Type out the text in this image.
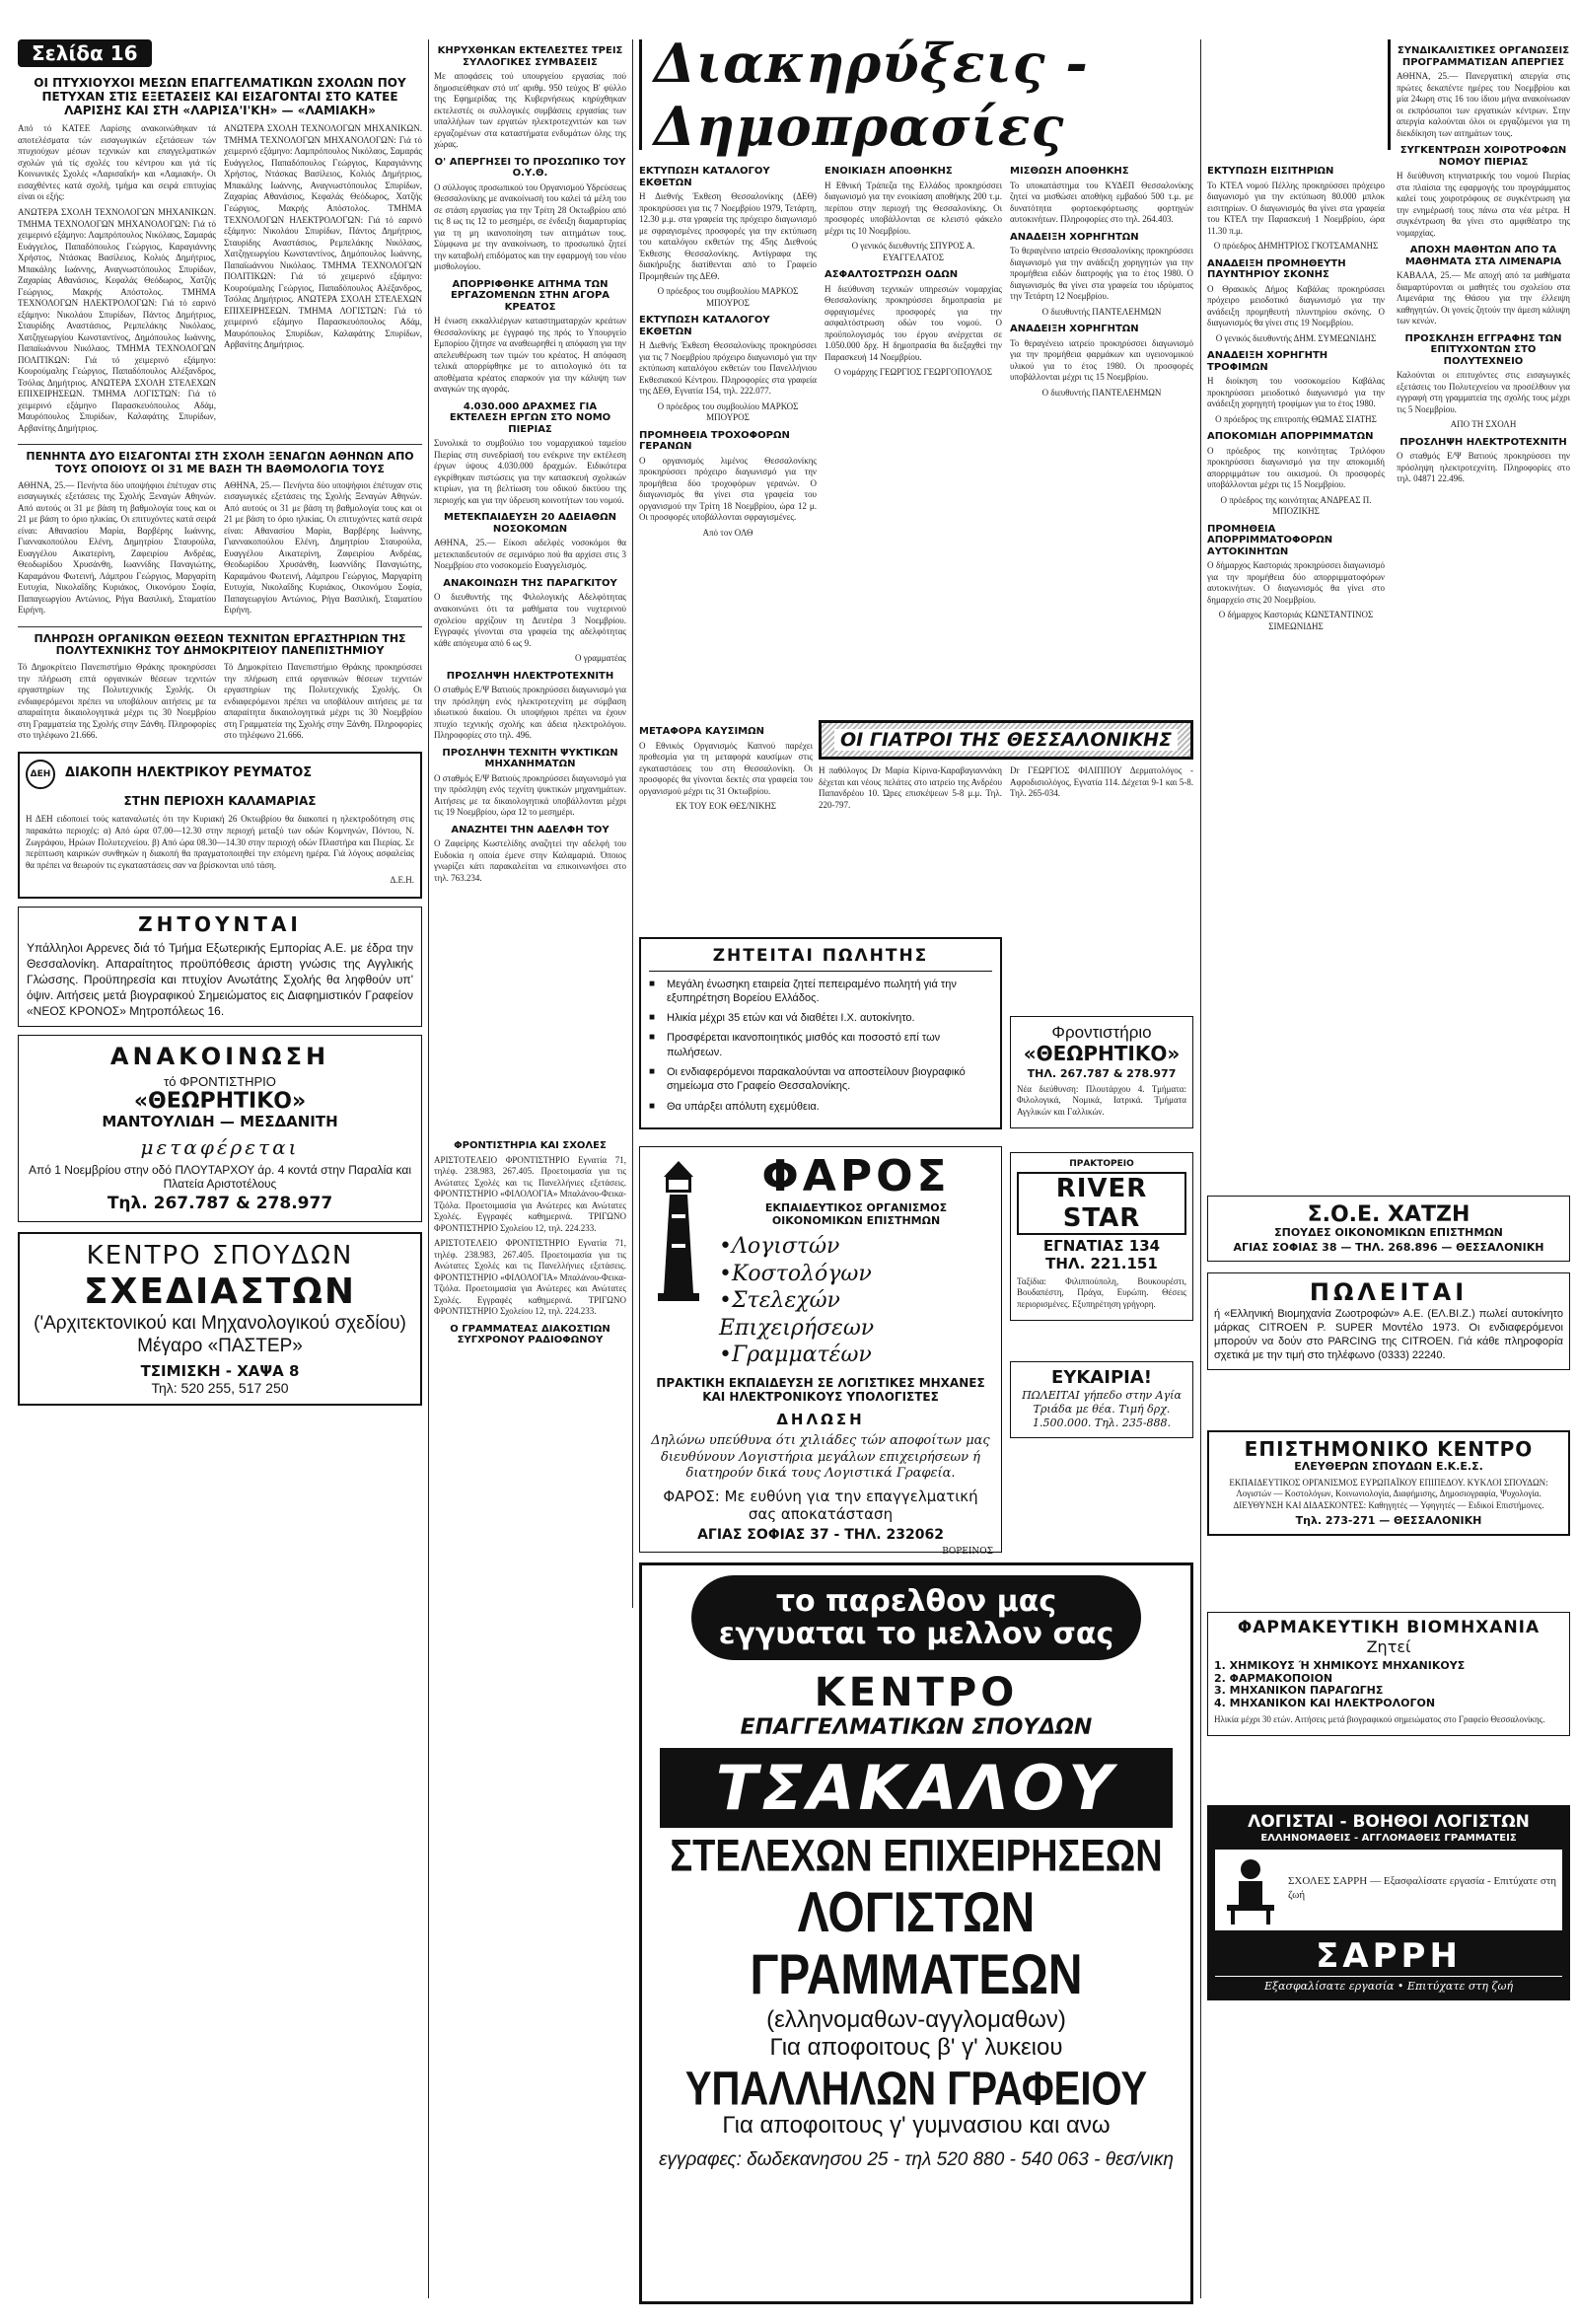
Σελίδα 16
ΟΙ ΠΤΥΧΙΟΥΧΟΙ ΜΕΣΩΝ ΕΠΑΓΓΕΛΜΑΤΙΚΩΝ ΣΧΟΛΩΝ ΠΟΥ ΠΕΤΥΧΑΝ ΣΤΙΣ ΕΞΕΤΑΣΕΙΣ ΚΑΙ ΕΙΣΑΓΟΝΤΑΙ ΣΤΟ ΚΑΤΕΕ ΛΑΡΙΣΗΣ ΚΑΙ ΣΤΗ «ΛΑΡΙΣΑ'Ι'ΚΗ» — «ΛΑΜΙΑΚΗ»
Από τό ΚΑΤΕΕ Λαρίσης ανακοινώθηκαν τά αποτελέσματα τών εισαγωγικών εξετάσεων τών πτυχιούχων μέσων τεχνικών και επαγγελματικών σχολών γιά τίς σχολές του κέντρου και γιά τίς Κοινωνικές Σχολές «Λαρισαΐκή» και «Λαμιακή». Οι εισαχθέντες κατά σχολή, τμήμα και σειρά επιτυχίας είναι οι εξής:
ΑΝΩΤΕΡΑ ΣΧΟΛΗ ΤΕΧΝΟΛΟΓΩΝ ΜΗΧΑΝΙΚΩΝ. ΤΜΗΜΑ ΤΕΧΝΟΛΟΓΩΝ ΜΗΧΑΝΟΛΟΓΩΝ: Γιά τό χειμερινό εξάμηνο: Λαμπρόπουλος Νικόλαος, Σαμαράς Ευάγγελος, Παπαδόπουλος Γεώργιος, Καραγιάννης Χρήστος, Ντάσκας Βασίλειος, Κολιός Δημήτριος, Μπακάλης Ιωάννης, Αναγνωστόπουλος Σπυρίδων, Ζαχαρίας Αθανάσιος, Κεφαλάς Θεόδωρος, Χατζής Γεώργιος, Μακρής Απόστολος. ΤΜΗΜΑ ΤΕΧΝΟΛΟΓΩΝ ΗΛΕΚΤΡΟΛΟΓΩΝ: Γιά τό εαρινό εξάμηνο: Νικολάου Σπυρίδων, Πάντος Δημήτριος, Σταυρίδης Αναστάσιος, Ρεμπελάκης Νικόλαος, Χατζηγεωργίου Κωνσταντίνος, Δημόπουλος Ιωάννης, Παπαϊωάννου Νικόλαος. ΤΜΗΜΑ ΤΕΧΝΟΛΟΓΩΝ ΠΟΛΙΤΙΚΩΝ: Γιά τό χειμερινό εξάμηνο: Κουρούμαλης Γεώργιος, Παπαδόπουλος Αλέξανδρος, Τσόλας Δημήτριος. ΑΝΩΤΕΡΑ ΣΧΟΛΗ ΣΤΕΛΕΧΩΝ ΕΠΙΧΕΙΡΗΣΕΩΝ. ΤΜΗΜΑ ΛΟΓΙΣΤΩΝ: Γιά τό χειμερινό εξάμηνο Παρασκευόπουλος Αδάμ, Μαυρόπουλος Σπυρίδων, Καλαφάτης Σπυρίδων, Αρβανίτης Δημήτριος.
ΑΝΩΤΕΡΑ ΣΧΟΛΗ ΤΕΧΝΟΛΟΓΩΝ ΜΗΧΑΝΙΚΩΝ. ΤΜΗΜΑ ΤΕΧΝΟΛΟΓΩΝ ΜΗΧΑΝΟΛΟΓΩΝ: Γιά τό χειμερινό εξάμηνο: Λαμπρόπουλος Νικόλαος, Σαμαράς Ευάγγελος, Παπαδόπουλος Γεώργιος, Καραγιάννης Χρήστος, Ντάσκας Βασίλειος, Κολιός Δημήτριος, Μπακάλης Ιωάννης, Αναγνωστόπουλος Σπυρίδων, Ζαχαρίας Αθανάσιος, Κεφαλάς Θεόδωρος, Χατζής Γεώργιος, Μακρής Απόστολος. ΤΜΗΜΑ ΤΕΧΝΟΛΟΓΩΝ ΗΛΕΚΤΡΟΛΟΓΩΝ: Γιά τό εαρινό εξάμηνο: Νικολάου Σπυρίδων, Πάντος Δημήτριος, Σταυρίδης Αναστάσιος, Ρεμπελάκης Νικόλαος, Χατζηγεωργίου Κωνσταντίνος, Δημόπουλος Ιωάννης, Παπαϊωάννου Νικόλαος. ΤΜΗΜΑ ΤΕΧΝΟΛΟΓΩΝ ΠΟΛΙΤΙΚΩΝ: Γιά τό χειμερινό εξάμηνο: Κουρούμαλης Γεώργιος, Παπαδόπουλος Αλέξανδρος, Τσόλας Δημήτριος. ΑΝΩΤΕΡΑ ΣΧΟΛΗ ΣΤΕΛΕΧΩΝ ΕΠΙΧΕΙΡΗΣΕΩΝ. ΤΜΗΜΑ ΛΟΓΙΣΤΩΝ: Γιά τό χειμερινό εξάμηνο Παρασκευόπουλος Αδάμ, Μαυρόπουλος Σπυρίδων, Καλαφάτης Σπυρίδων, Αρβανίτης Δημήτριος.
ΠΕΝΗΝΤΑ ΔΥΟ ΕΙΣΑΓΟΝΤΑΙ ΣΤΗ ΣΧΟΛΗ ΞΕΝΑΓΩΝ ΑΘΗΝΩΝ ΑΠΟ ΤΟΥΣ ΟΠΟΙΟΥΣ ΟΙ 31 ΜΕ ΒΑΣΗ ΤΗ ΒΑΘΜΟΛΟΓΙΑ ΤΟΥΣ
ΑΘΗΝΑ, 25.— Πενήντα δύο υποψήφιοι έπέτυχαν στις εισαγωγικές εξετάσεις της Σχολής Ξεναγών Αθηνών. Από αυτούς οι 31 με βάση τη βαθμολογία τους και οι 21 με βάση το όριο ηλικίας. Οι επιτυχόντες κατά σειρά είναι: Αθανασίου Μαρία, Βαρβέρης Ιωάννης, Γιαννακοπούλου Ελένη, Δημητρίου Σταυρούλα, Ευαγγέλου Αικατερίνη, Ζαφειρίου Ανδρέας, Θεοδωρίδου Χρυσάνθη, Ιωαννίδης Παναγιώτης, Καραμάνου Φωτεινή, Λάμπρου Γεώργιος, Μαργαρίτη Ευτυχία, Νικολαΐδης Κυριάκος, Οικονόμου Σοφία, Παπαγεωργίου Αντώνιος, Ρήγα Βασιλική, Σταματίου Ειρήνη.
ΑΘΗΝΑ, 25.— Πενήντα δύο υποψήφιοι έπέτυχαν στις εισαγωγικές εξετάσεις της Σχολής Ξεναγών Αθηνών. Από αυτούς οι 31 με βάση τη βαθμολογία τους και οι 21 με βάση το όριο ηλικίας. Οι επιτυχόντες κατά σειρά είναι: Αθανασίου Μαρία, Βαρβέρης Ιωάννης, Γιαννακοπούλου Ελένη, Δημητρίου Σταυρούλα, Ευαγγέλου Αικατερίνη, Ζαφειρίου Ανδρέας, Θεοδωρίδου Χρυσάνθη, Ιωαννίδης Παναγιώτης, Καραμάνου Φωτεινή, Λάμπρου Γεώργιος, Μαργαρίτη Ευτυχία, Νικολαΐδης Κυριάκος, Οικονόμου Σοφία, Παπαγεωργίου Αντώνιος, Ρήγα Βασιλική, Σταματίου Ειρήνη.
ΠΛΗΡΩΣΗ ΟΡΓΑΝΙΚΩΝ ΘΕΣΕΩΝ ΤΕΧΝΙΤΩΝ ΕΡΓΑΣΤΗΡΙΩΝ ΤΗΣ ΠΟΛΥΤΕΧΝΙΚΗΣ ΤΟΥ ΔΗΜΟΚΡΙΤΕΙΟΥ ΠΑΝΕΠΙΣΤΗΜΙΟΥ
Τό Δημοκρίτειο Πανεπιστήμιο Θράκης προκηρύσσει την πλήρωση επτά οργανικών θέσεων τεχνιτών εργαστηρίων της Πολυτεχνικής Σχολής. Οι ενδιαφερόμενοι πρέπει να υποβάλουν αιτήσεις με τα απαραίτητα δικαιολογητικά μέχρι τις 30 Νοεμβρίου στη Γραμματεία της Σχολής στην Ξάνθη. Πληροφορίες στο τηλέφωνο 21.666.
Τό Δημοκρίτειο Πανεπιστήμιο Θράκης προκηρύσσει την πλήρωση επτά οργανικών θέσεων τεχνιτών εργαστηρίων της Πολυτεχνικής Σχολής. Οι ενδιαφερόμενοι πρέπει να υποβάλουν αιτήσεις με τα απαραίτητα δικαιολογητικά μέχρι τις 30 Νοεμβρίου στη Γραμματεία της Σχολής στην Ξάνθη. Πληροφορίες στο τηλέφωνο 21.666.
ΔΕΗ	ΔΙΑΚΟΠΗ ΗΛΕΚΤΡΙΚΟΥ ΡΕΥΜΑΤΟΣ
ΣΤΗΝ ΠΕΡΙΟΧΗ ΚΑΛΑΜΑΡΙΑΣ
Η ΔΕΗ ειδοποιεί τούς καταναλωτές ότι την Κυριακή 26 Οκτωβρίου θα διακοπεί η ηλεκτροδότηση στις παρακάτω περιοχές: α) Από ώρα 07.00—12.30 στην περιοχή μεταξύ των οδών Κομνηνών, Πόντου, Ν. Ζωγράφου, Ηρώων Πολυτεχνείου. β) Από ώρα 08.30—14.30 στην περιοχή οδών Πλαστήρα και Πιερίας. Σε περίπτωση καιρικών συνθηκών η διακοπή θα πραγματοποιηθεί την επόμενη ημέρα. Γιά λόγους ασφαλείας θα πρέπει να θεωρούν τις εγκαταστάσεις σαν να βρίσκονται υπό τάση.
Δ.Ε.Η.
ΖΗΤΟΥΝΤΑΙ
Υπάλληλοι Αρρενες διά τό Τμήμα Εξωτερικής Εμπορίας Α.Ε. με έδρα την Θεσσαλονίκη. Απαραίτητος προϋπόθεσις άριστη γνώσις της Αγγλικής Γλώσσης. Προϋπηρεσία και πτυχίον Ανωτάτης Σχολής θα ληφθούν υπ' όψιν. Αιτήσεις μετά βιογραφικού Σημειώματος εις Διαφημιστικόν Γραφείον «ΝΕΟΣ ΚΡΟΝΟΣ» Μητροπόλεως 16.
ΑΝΑΚΟΙΝΩΣΗ
τό ΦΡΟΝΤΙΣΤΗΡΙΟ
«ΘΕΩΡΗΤΙΚΟ»
ΜΑΝΤΟΥΛΙΔΗ — ΜΕΣΔΑΝΙΤΗ
μεταφέρεται
Από 1 Νοεμβρίου στην οδό ΠΛΟΥΤΑΡΧΟΥ άρ. 4 κοντά στην Παραλία και Πλατεία Αριστοτέλους
Τηλ. 267.787 & 278.977
ΚΕΝΤΡΟ ΣΠΟΥΔΩΝ
ΣΧΕΔΙΑΣΤΩΝ
('Αρχιτεκτονικού και Μηχανολογικού σχεδίου)
Μέγαρο «ΠΑΣΤΕΡ»
ΤΣΙΜΙΣΚΗ - ΧΑΨΑ 8
Τηλ: 520 255, 517 250
ΚΗΡΥΧΘΗΚΑΝ ΕΚΤΕΛΕΣΤΕΣ ΤΡΕΙΣ ΣΥΛΛΟΓΙΚΕΣ ΣΥΜΒΑΣΕΙΣ
Με αποφάσεις τού υπουργείου εργασίας πού δημοσιεύθηκαν στό υπ' αριθμ. 950 τεύχος Β' φύλλο της Εφημερίδας της Κυβερνήσεως κηρύχθηκαν εκτελεστές οι συλλογικές συμβάσεις εργασίας των υπαλλήλων των εργατών ηλεκτροτεχνιτών και των εργαζομένων στα καταστήματα ενδυμάτων όλης της χώρας.
Ο' ΑΠΕΡΓΗΣΕΙ ΤΟ ΠΡΟΣΩΠΙΚΟ ΤΟΥ Ο.Υ.Θ.
Ο σύλλογος προσωπικού του Οργανισμού Υδρεύσεως Θεσσαλονίκης με ανακοίνωσή του καλεί τά μέλη του σε στάση εργασίας για την Τρίτη 28 Οκτωβρίου από τις 8 ως τις 12 το μεσημέρι, σε ένδειξη διαμαρτυρίας για τη μη ικανοποίηση των αιτημάτων τους. Σύμφωνα με την ανακοίνωση, το προσωπικό ζητεί την καταβολή επιδόματος και την εφαρμογή του νέου μισθολογίου.
ΑΠΟΡΡΙΦΘΗΚΕ ΑΙΤΗΜΑ ΤΩΝ ΕΡΓΑΖΟΜΕΝΩΝ ΣΤΗΝ ΑΓΟΡΑ ΚΡΕΑΤΟΣ
Η ένωση εκκαλλιέργων καταστηματαρχών κρεάτων Θεσσαλονίκης με έγγραφό της πρός το Υπουργείο Εμπορίου ζήτησε να αναθεωρηθεί η απόφαση για την απελευθέρωση των τιμών του κρέατος. Η απόφαση τελικά απορρίφθηκε με το αιτιολογικό ότι τα αποθέματα κρέατος επαρκούν για την κάλυψη των αναγκών της αγοράς.
4.030.000 ΔΡΑΧΜΕΣ ΓΙΑ ΕΚΤΕΛΕΣΗ ΕΡΓΩΝ ΣΤΟ ΝΟΜΟ ΠΙΕΡΙΑΣ
Συνολικά το συμβούλιο του νομαρχιακού ταμείου Πιερίας στη συνεδρίασή του ενέκρινε την εκτέλεση έργων ύψους 4.030.000 δραχμών. Ειδικότερα εγκρίθηκαν πιστώσεις για την κατασκευή σχολικών κτιρίων, για τη βελτίωση του οδικού δικτύου της περιοχής και για την ύδρευση κοινοτήτων του νομού.
ΜΕΤΕΚΠΑΙΔΕΥΣΗ 20 ΑΔΕΙΑΘΩΝ ΝΟΣΟΚΟΜΩΝ
ΑΘΗΝΑ, 25.— Είκοσι αδελφές νοσοκόμοι θα μετεκπαιδευτούν σε σεμινάριο πού θα αρχίσει στις 3 Νοεμβρίου στο νοσοκομείο Ευαγγελισμός.
ΑΝΑΚΟΙΝΩΣΗ ΤΗΣ ΠΑΡΑΓΚΙΤΟΥ
Ο διευθυντής της Φιλολογικής Αδελφότητας ανακοινώνει ότι τα μαθήματα του νυχτερινού σχολείου αρχίζουν τη Δευτέρα 3 Νοεμβρίου. Εγγραφές γίνονται στα γραφεία της αδελφότητας κάθε απόγευμα από 6 ως 9.
Ο γραμματέας
ΠΡΟΣΛΗΨΗ ΗΛΕΚΤΡΟΤΕΧΝΙΤΗ
Ο σταθμός Ε/Ψ Βατιούς προκηρύσσει διαγωνισμό για την πρόσληψη ενός ηλεκτροτεχνίτη με σύμβαση ιδιωτικού δικαίου. Οι υποψήφιοι πρέπει να έχουν πτυχίο τεχνικής σχολής και άδεια ηλεκτρολόγου. Πληροφορίες στο τηλ. 496.
ΠΡΟΣΛΗΨΗ ΤΕΧΝΙΤΗ ΨΥΚΤΙΚΩΝ ΜΗΧΑΝΗΜΑΤΩΝ
Ο σταθμός Ε/Ψ Βατιούς προκηρύσσει διαγωνισμό για την πρόσληψη ενός τεχνίτη ψυκτικών μηχανημάτων. Αιτήσεις με τα δικαιολογητικά υποβάλλονται μέχρι τις 19 Νοεμβρίου, ώρα 12 το μεσημέρι.
ΑΝΑΖΗΤΕΙ ΤΗΝ ΑΔΕΛΦΗ ΤΟΥ
Ο Ζαφείρης Κωστελίδης αναζητεί την αδελφή του Ευδοκία η οποία έμενε στην Καλαμαριά. Όποιος γνωρίζει κάτι παρακαλείται να επικοινωνήσει στο τηλ. 763.234.
ΦΡΟΝΤΙΣΤΗΡΙΑ ΚΑΙ ΣΧΟΛΕΣ
ΑΡΙΣΤΟΤΕΛΕΙΟ ΦΡΟΝΤΙΣΤΗΡΙΟ Εγνατία 71, τηλέφ. 238.983, 267.405. Προετοιμασία για τις Ανώτατες Σχολές και τις Πανελλήνιες εξετάσεις. ΦΡΟΝΤΙΣΤΗΡΙΟ «ΦΙΛΟΛΟΓΙΑ» Μπαλάνου-Φεικα-Τζιόλα. Προετοιμασία για Ανώτερες και Ανώτατες Σχολές. Εγγραφές καθημερινά. ΤΡΙΓΩΝΟ ΦΡΟΝΤΙΣΤΗΡΙΟ Σχολείου 12, τηλ. 224.233.
ΑΡΙΣΤΟΤΕΛΕΙΟ ΦΡΟΝΤΙΣΤΗΡΙΟ Εγνατία 71, τηλέφ. 238.983, 267.405. Προετοιμασία για τις Ανώτατες Σχολές και τις Πανελλήνιες εξετάσεις. ΦΡΟΝΤΙΣΤΗΡΙΟ «ΦΙΛΟΛΟΓΙΑ» Μπαλάνου-Φεικα-Τζιόλα. Προετοιμασία για Ανώτερες και Ανώτατες Σχολές. Εγγραφές καθημερινά. ΤΡΙΓΩΝΟ ΦΡΟΝΤΙΣΤΗΡΙΟ Σχολείου 12, τηλ. 224.233.
Ο ΓΡΑΜΜΑΤΕΑΣ ΔΙΑΚΟΣΤΙΩΝ ΣΥΓΧΡΟΝΟΥ ΡΑΔΙΟΦΩΝΟΥ
Διακηρύξεις - Δημοπρασίες
ΕΚΤΥΠΩΣΗ ΚΑΤΑΛΟΓΟΥ ΕΚΘΕΤΩΝ
Η Διεθνής Έκθεση Θεσσαλονίκης (ΔΕΘ) προκηρύσσει για τις 7 Νοεμβρίου 1979, Τετάρτη, 12.30 μ.μ. στα γραφεία της πρόχειρο διαγωνισμό με σφραγισμένες προσφορές για την εκτύπωση του καταλόγου εκθετών της 45ης Διεθνούς Έκθεσης Θεσσαλονίκης. Αντίγραφα της διακήρυξης διατίθενται από το Γραφείο Προμηθειών της ΔΕΘ.
Ο πρόεδρος του συμβουλίου ΜΑΡΚΟΣ ΜΠΟΥΡΟΣ
ΕΚΤΥΠΩΣΗ ΚΑΤΑΛΟΓΟΥ ΕΚΘΕΤΩΝ
Η Διεθνής Έκθεση Θεσσαλονίκης προκηρύσσει για τις 7 Νοεμβρίου πρόχειρο διαγωνισμό για την εκτύπωση καταλόγου εκθετών του Πανελλήνιου Εκθεσιακού Κέντρου. Πληροφορίες στα γραφεία της ΔΕΘ, Εγνατία 154, τηλ. 222.077.
Ο πρόεδρος του συμβουλίου ΜΑΡΚΟΣ ΜΠΟΥΡΟΣ
ΠΡΟΜΗΘΕΙΑ ΤΡΟΧΟΦΟΡΩΝ ΓΕΡΑΝΩΝ
Ο οργανισμός λιμένος Θεσσαλονίκης προκηρύσσει πρόχειρο διαγωνισμό για την προμήθεια δύο τροχοφόρων γερανών. Ο διαγωνισμός θα γίνει στα γραφεία του οργανισμού την Τρίτη 18 Νοεμβρίου, ώρα 12 μ. Οι προσφορές υποβάλλονται σφραγισμένες.
Από τον ΟΛΘ
ΕΝΟΙΚΙΑΣΗ ΑΠΟΘΗΚΗΣ
Η Εθνική Τράπεζα της Ελλάδος προκηρύσσει διαγωνισμό για την ενοικίαση αποθήκης 200 τ.μ. περίπου στην περιοχή της Θεσσαλονίκης. Οι προσφορές υποβάλλονται σε κλειστό φάκελο μέχρι τις 10 Νοεμβρίου.
Ο γενικός διευθυντής ΣΠΥΡΟΣ Α. ΕΥΑΓΓΕΛΑΤΟΣ
ΑΣΦΑΛΤΟΣΤΡΩΣΗ ΟΔΩΝ
Η διεύθυνση τεχνικών υπηρεσιών νομαρχίας Θεσσαλονίκης προκηρύσσει δημοπρασία με σφραγισμένες προσφορές για την ασφαλτόστρωση οδών του νομού. Ο προϋπολογισμός του έργου ανέρχεται σε 1.050.000 δρχ. Η δημοπρασία θα διεξαχθεί την Παρασκευή 14 Νοεμβρίου.
Ο νομάρχης ΓΕΩΡΓΙΟΣ ΓΕΩΡΓΟΠΟΥΛΟΣ
ΜΙΣΘΩΣΗ ΑΠΟΘΗΚΗΣ
Το υποκατάστημα του ΚΥΔΕΠ Θεσσαλονίκης ζητεί να μισθώσει αποθήκη εμβαδού 500 τ.μ. με δυνατότητα φορτοεκφόρτωσης φορτηγών αυτοκινήτων. Πληροφορίες στο τηλ. 264.403.
ΑΝΑΔΕΙΞΗ ΧΟΡΗΓΗΤΩΝ
Το θεραγένειο ιατρείο Θεσσαλονίκης προκηρύσσει διαγωνισμό για την ανάδειξη χορηγητών για την προμήθεια ειδών διατροφής για το έτος 1980. Ο διαγωνισμός θα γίνει στα γραφεία του ιδρύματος την Τετάρτη 12 Νοεμβρίου.
Ο διευθυντής ΠΑΝΤΕΛΕΗΜΩΝ
ΑΝΑΔΕΙΞΗ ΧΟΡΗΓΗΤΩΝ
Το θεραγένειο ιατρείο προκηρύσσει διαγωνισμό για την προμήθεια φαρμάκων και υγειονομικού υλικού για το έτος 1980. Οι προσφορές υποβάλλονται μέχρι τις 15 Νοεμβρίου.
Ο διευθυντής ΠΑΝΤΕΛΕΗΜΩΝ
ΟΙ ΓΙΑΤΡΟΙ ΤΗΣ ΘΕΣΣΑΛΟΝΙΚΗΣ
Η παθόλογος Dr Μαρία Κίρινα-Καραβαγιαννάκη δέχεται και νέους πελάτες στο ιατρείο της Ανδρέου Παπανδρέου 10. Ώρες επισκέψεων 5-8 μ.μ. Τηλ. 220-797.
Dr ΓΕΩΡΓΙΟΣ ΦΙΛΙΠΠΟΥ Δερματολόγος - Αφροδισιολόγος, Εγνατία 114. Δέχεται 9-1 και 5-8. Τηλ. 265-034.
ΜΕΤΑΦΟΡΑ ΚΑΥΣΙΜΩΝ
Ο Εθνικός Οργανισμός Καπνού παρέχει προθεσμία για τη μεταφορά καυσίμων στις εγκαταστάσεις του στη Θεσσαλονίκη. Οι προσφορές θα γίνονται δεκτές στα γραφεία του οργανισμού μέχρι τις 31 Οκτωβρίου.
ΕΚ ΤΟΥ ΕΟΚ ΘΕΣ/ΝΙΚΗΣ
ΖΗΤΕΙΤΑΙ ΠΩΛΗΤΗΣ
■ Μεγάλη ένωσηκη εταιρεία ζητεί πεπειραμένο πωλητή γιά την εξυπηρέτηση Βορείου Ελλάδος.
■ Ηλικία μέχρι 35 ετών και νά διαθέτει Ι.Χ. αυτοκίνητο.
■ Προσφέρεται ικανοποιητικός μισθός και ποσοστό επί των πωλήσεων.
■ Οι ενδιαφερόμενοι παρακαλούνται να αποστείλουν βιογραφικό σημείωμα στο Γραφείο Θεσσαλονίκης.
■ Θα υπάρξει απόλυτη εχεμύθεια.
ΦΑΡΟΣ
ΕΚΠΑΙΔΕΥΤΙΚΟΣ ΟΡΓΑΝΙΣΜΟΣ ΟΙΚΟΝΟΜΙΚΩΝ ΕΠΙΣΤΗΜΩΝ
•Λογιστών
•Κοστολόγων
•Στελεχών Επιχειρήσεων
•Γραμματέων
ΠΡΑΚΤΙΚΗ ΕΚΠΑΙΔΕΥΣΗ ΣΕ ΛΟΓΙΣΤΙΚΕΣ ΜΗΧΑΝΕΣ ΚΑΙ ΗΛΕΚΤΡΟΝΙΚΟΥΣ ΥΠΟΛΟΓΙΣΤΕΣ
ΔΗΛΩΣΗ
Δηλώνω υπεύθυνα ότι χιλιάδες τών αποφοίτων μας διευθύνουν Λογιστήρια μεγάλων επιχειρήσεων ή διατηρούν δικά τους Λογιστικά Γραφεία.
ΦΑΡΟΣ: Με ευθύνη για την επαγγελματική σας αποκατάσταση
ΑΓΙΑΣ ΣΟΦΙΑΣ 37 - ΤΗΛ. 232062
ΒΟΡΕΙΝΟΣ
Φροντιστήριο
«ΘΕΩΡΗΤΙΚΟ»
ΤΗΛ. 267.787 & 278.977
Νέα διεύθυνση: Πλουτάρχου 4. Τμήματα: Φιλολογικά, Νομικά, Ιατρικά. Τμήματα Αγγλικών και Γαλλικών.
ΠΡΑΚΤΟΡΕΙΟ
RIVER STAR
ΕΓΝΑΤΙΑΣ 134
ΤΗΛ. 221.151
Ταξίδια: Φιλιππούπολη, Βουκουρέστι, Βουδαπέστη, Πράγα, Ευρώπη. Θέσεις περιορισμένες. Εξυπηρέτηση γρήγορη.
ΕΥΚΑΙΡΙΑ!
ΠΩΛΕΙΤΑΙ γήπεδο στην Αγία Τριάδα με θέα. Τιμή δρχ. 1.500.000. Τηλ. 235-888.
το παρελθον μας εγγυαται το μελλον σας
ΚΕΝΤΡΟ
ΕΠΑΓΓΕΛΜΑΤΙΚΩΝ ΣΠΟΥΔΩΝ
ΤΣΑΚΑΛΟΥ
ΣΤΕΛΕΧΩΝ ΕΠΙΧΕΙΡΗΣΕΩΝ
ΛΟΓΙΣΤΩΝ
ΓΡΑΜΜΑΤΕΩΝ
(ελληνομαθων-αγγλομαθων)
Για αποφοιτους β' γ' λυκειου
ΥΠΑΛΛΗΛΩΝ ΓΡΑΦΕΙΟΥ
Για αποφοιτους γ' γυμνασιου και ανω
εγγραφες: δωδεκανησου 25 - τηλ 520 880 - 540 063 - θεσ/νικη
ΕΚΤΥΠΩΣΗ ΕΙΣΙΤΗΡΙΩΝ
Το ΚΤΕΛ νομού Πέλλης προκηρύσσει πρόχειρο διαγωνισμό για την εκτύπωση 80.000 μπλοκ εισιτηρίων. Ο διαγωνισμός θα γίνει στα γραφεία του ΚΤΕΛ την Παρασκευή 1 Νοεμβρίου, ώρα 11.30 π.μ.
Ο πρόεδρος ΔΗΜΗΤΡΙΟΣ ΓΚΟΤΣΑΜΑΝΗΣ
ΑΝΑΔΕΙΞΗ ΠΡΟΜΗΘΕΥΤΗ ΠΑΥΝΤΗΡΙΟΥ ΣΚΟΝΗΣ
Ο Θρακικός Δήμος Καβάλας προκηρύσσει πρόχειρο μειοδοτικό διαγωνισμό για την ανάδειξη προμηθευτή πλυντηρίου σκόνης. Ο διαγωνισμός θα γίνει στις 19 Νοεμβρίου.
Ο γενικός διευθυντής ΔΗΜ. ΣΥΜΕΩΝΙΔΗΣ
ΑΝΑΔΕΙΞΗ ΧΟΡΗΓΗΤΗ ΤΡΟΦΙΜΩΝ
Η διοίκηση του νοσοκομείου Καβάλας προκηρύσσει μειοδοτικό διαγωνισμό για την ανάδειξη χορηγητή τροφίμων για το έτος 1980.
Ο πρόεδρος της επιτροπής ΘΩΜΑΣ ΣΙΑΤΗΣ
ΑΠΟΚΟΜΙΔΗ ΑΠΟΡΡΙΜΜΑΤΩΝ
Ο πρόεδρος της κοινότητας Τριλόφου προκηρύσσει διαγωνισμό για την αποκομιδή απορριμμάτων του οικισμού. Οι προσφορές υποβάλλονται μέχρι τις 15 Νοεμβρίου.
Ο πρόεδρος της κοινότητας ΑΝΔΡΕΑΣ Π. ΜΠΟΖΙΚΗΣ
ΠΡΟΜΗΘΕΙΑ ΑΠΟΡΡΙΜΜΑΤΟΦΟΡΩΝ ΑΥΤΟΚΙΝΗΤΩΝ
Ο δήμαρχος Καστοριάς προκηρύσσει διαγωνισμό για την προμήθεια δύο απορριμματοφόρων αυτοκινήτων. Ο διαγωνισμός θα γίνει στο δημαρχείο στις 20 Νοεμβρίου.
Ο δήμαρχος Καστοριάς ΚΩΝΣΤΑΝΤΙΝΟΣ ΣΙΜΕΩΝΙΔΗΣ
ΣΥΝΔΙΚΑΛΙΣΤΙΚΕΣ ΟΡΓΑΝΩΣΕΙΣ ΠΡΟΓΡΑΜΜΑΤΙΣΑΝ ΑΠΕΡΓΙΕΣ
ΑΘΗΝΑ, 25.— Πανεργατική απεργία στις πρώτες δεκαπέντε ημέρες του Νοεμβρίου και μία 24ωρη στις 16 του ίδιου μήνα ανακοίνωσαν οι εκπρόσωποι των εργατικών κέντρων. Στην απεργία καλούνται όλοι οι εργαζόμενοι για τη διεκδίκηση των αιτημάτων τους.
ΣΥΓΚΕΝΤΡΩΣΗ ΧΟΙΡΟΤΡΟΦΩΝ ΝΟΜΟΥ ΠΙΕΡΙΑΣ
Η διεύθυνση κτηνιατρικής του νομού Πιερίας στα πλαίσια της εφαρμογής του προγράμματος καλεί τους χοιροτρόφους σε συγκέντρωση για την ενημέρωσή τους πάνω στα νέα μέτρα. Η συγκέντρωση θα γίνει στο αμφιθέατρο της νομαρχίας.
ΑΠΟΧΗ ΜΑΘΗΤΩΝ ΑΠΟ ΤΑ ΜΑΘΗΜΑΤΑ ΣΤΑ ΛΙΜΕΝΑΡΙΑ
ΚΑΒΑΛΑ, 25.— Με αποχή από τα μαθήματα διαμαρτύρονται οι μαθητές του σχολείου στα Λιμενάρια της Θάσου για την έλλειψη καθηγητών. Οι γονείς ζητούν την άμεση κάλυψη των κενών.
ΠΡΟΣΚΛΗΣΗ ΕΓΓΡΑΦΗΣ ΤΩΝ ΕΠΙΤΥΧΟΝΤΩΝ ΣΤΟ ΠΟΛΥΤΕΧΝΕΙΟ
Καλούνται οι επιτυχόντες στις εισαγωγικές εξετάσεις του Πολυτεχνείου να προσέλθουν για εγγραφή στη γραμματεία της σχολής τους μέχρι τις 5 Νοεμβρίου.
ΑΠΟ ΤΗ ΣΧΟΛΗ
ΠΡΟΣΛΗΨΗ ΗΛΕΚΤΡΟΤΕΧΝΙΤΗ
Ο σταθμός Ε/Ψ Βατιούς προκηρύσσει την πρόσληψη ηλεκτροτεχνίτη. Πληροφορίες στο τηλ. 04871 22.496.
Σ.Ο.Ε. ΧΑΤΖΗ
ΣΠΟΥΔΕΣ ΟΙΚΟΝΟΜΙΚΩΝ ΕΠΙΣΤΗΜΩΝ
ΑΓΙΑΣ ΣΟΦΙΑΣ 38 — ΤΗΛ. 268.896 — ΘΕΣΣΑΛΟΝΙΚΗ
ΠΩΛΕΙΤΑΙ
ή «Ελληνική Βιομηχανία Ζωοτροφών» Α.Ε. (ΕΛ.ΒΙ.Ζ.) πωλεί αυτοκίνητο μάρκας CITROEN P. SUPER Μοντέλο 1973. Οι ενδιαφερόμενοι μπορούν να δούν στο PARCING της CITROEN. Γιά κάθε πληροφορία σχετικά με την τιμή στο τηλέφωνο (0333) 22240.
ΕΠΙΣΤΗΜΟΝΙΚΟ ΚΕΝΤΡΟ
ΕΛΕΥΘΕΡΩΝ ΣΠΟΥΔΩΝ Ε.Κ.Ε.Σ.
ΕΚΠΑΙΔΕΥΤΙΚΟΣ ΟΡΓΑΝΙΣΜΟΣ ΕΥΡΩΠΑΪΚΟΥ ΕΠΙΠΕΔΟΥ. ΚΥΚΛΟΙ ΣΠΟΥΔΩΝ: Λογιστών — Κοστολόγων, Κοινωνιολογία, Διαφήμισης, Δημοσιογραφία, Ψυχολογία. ΔΙΕΥΘΥΝΣΗ ΚΑΙ ΔΙΔΑΣΚΟΝΤΕΣ: Καθηγητές — Υφηγητές — Ειδικοί Επιστήμονες.
Τηλ. 273-271 — ΘΕΣΣΑΛΟΝΙΚΗ
ΦΑΡΜΑΚΕΥΤΙΚΗ ΒΙΟΜΗΧΑΝΙΑ
Ζητεί
1. ΧΗΜΙΚΟΥΣ Ή ΧΗΜΙΚΟΥΣ ΜΗΧΑΝΙΚΟΥΣ
2. ΦΑΡΜΑΚΟΠΟΙΟΝ
3. ΜΗΧΑΝΙΚΟΝ ΠΑΡΑΓΩΓΗΣ
4. ΜΗΧΑΝΙΚΟΝ ΚΑΙ ΗΛΕΚΤΡΟΛΟΓΟΝ
Ηλικία μέχρι 30 ετών. Αιτήσεις μετά βιογραφικού σημειώματος στο Γραφείο Θεσσαλονίκης.
ΛΟΓΙΣΤΑΙ - ΒΟΗΘΟΙ ΛΟΓΙΣΤΩΝ
ΕΛΛΗΝΟΜΑΘΕΙΣ - ΑΓΓΛΟΜΑΘΕΙΣ ΓΡΑΜΜΑΤΕΙΣ
ΣΧΟΛΕΣ ΣΑΡΡΗ — Εξασφαλίσατε εργασία - Επιτύχατε στη ζωή
ΣΑΡΡΗ
Εξασφαλίσατε εργασία • Επιτύχατε στη ζωή
